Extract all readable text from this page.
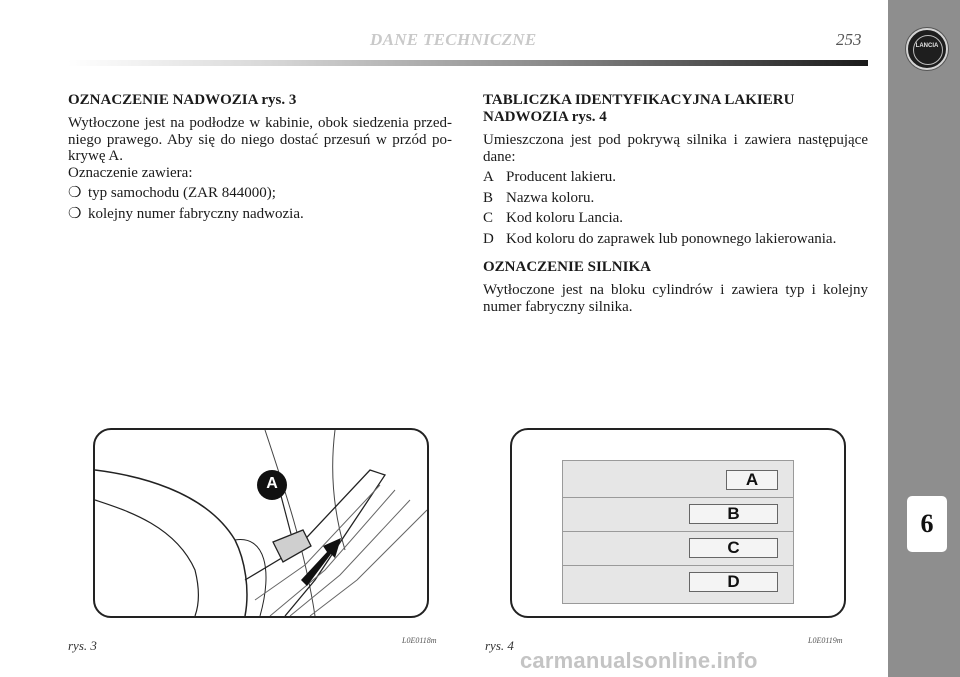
DANE TECHNICZNE	253	LANCIA
6
OZNACZENIE NADWOZIA rys. 3

Wytłoczone jest na podłodze w kabinie, obok siedzenia przed-niego prawego. Aby się do niego dostać przesuń w przód po-krywę A.

Oznaczenie zawiera:

❍ typ samochodu (ZAR 844000);
❍ kolejny numer fabryczny nadwozia.
TABLICZKA IDENTYFIKACYJNA LAKIERU NADWOZIA rys. 4

Umieszczona jest pod pokrywą silnika i zawiera następujące dane:

A Producent lakieru.
B Nazwa koloru.
C Kod koloru Lancia.
D Kod koloru do zaprawek lub ponownego lakierowania.
OZNACZENIE SILNIKA

Wytłoczone jest na bloku cylindrów i zawiera typ i kolejny numer fabryczny silnika.

A
rys. 3	L0E0118m
A
B
C
D
rys. 4	L0E0119m
carmanualsonline.info
